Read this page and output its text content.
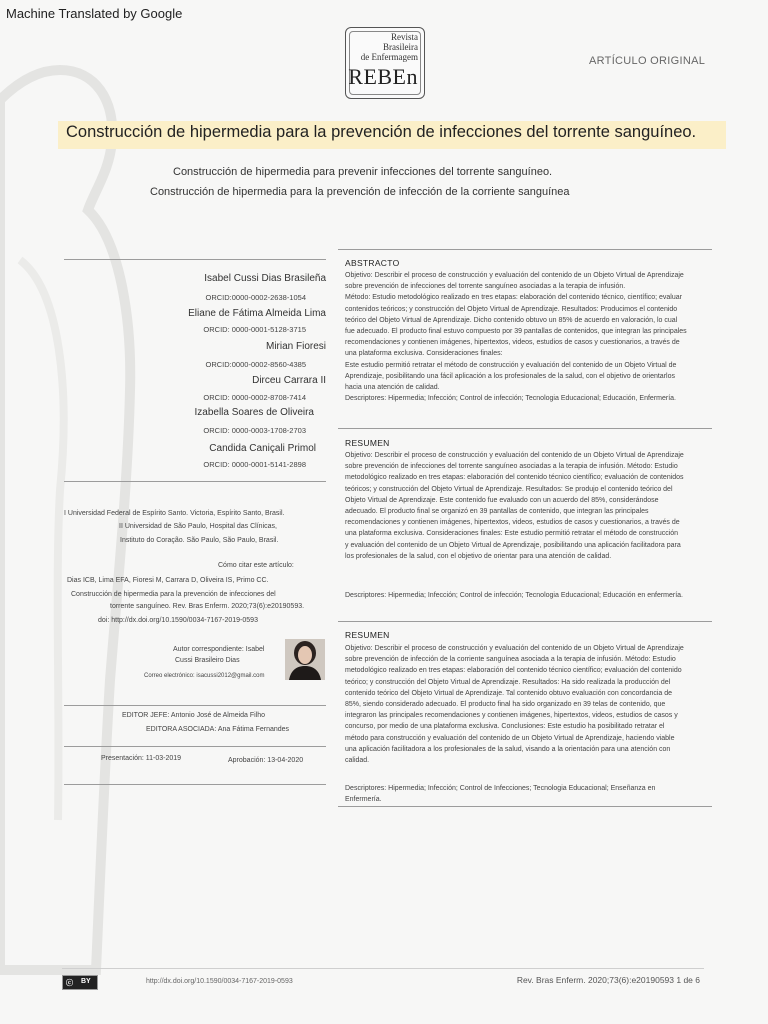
Machine Translated by Google
Revista
Brasileira
de Enfermagem
REBEn
ARTÍCULO ORIGINAL
Construcción de hipermedia para la prevención de infecciones del torrente sanguíneo.
Construcción de hipermedia para prevenir infecciones del torrente sanguíneo.
Construcción de hipermedia para la prevención de infección de la corriente sanguínea
Isabel Cussi Dias Brasileña
ORCID:0000-0002-2638-1054
Eliane de Fátima Almeida Lima
ORCID: 0000-0001-5128-3715
Mirian Fioresi
ORCID:0000-0002-8560-4385
Dirceu Carrara II
ORCID: 0000-0002-8708-7414
Izabella Soares de Oliveira
ORCID: 0000-0003-1708-2703
Candida Caniçali Primol
ORCID: 0000-0001-5141-2898
I Universidad Federal de Espírito Santo. Victoria, Espírito Santo, Brasil.
II Universidad de São Paulo, Hospital das Clínicas,
Instituto do Coração. São Paulo, São Paulo, Brasil.
Cómo citar este artículo:
Dias ICB, Lima EFA, Fioresi M, Carrara D, Oliveira IS, Primo CC.
Construcción de hipermedia para la prevención de infecciones del
torrente sanguíneo. Rev. Bras Enferm. 2020;73(6):e20190593.
doi: http://dx.doi.org/10.1590/0034-7167-2019-0593
Autor correspondiente: Isabel
Cussi Brasileiro Dias
Correo electrónico: isacussi2012@gmail.com
EDITOR JEFE: Antonio José de Almeida Filho
EDITORA ASOCIADA: Ana Fátima Fernandes
Presentación: 11-03-2019	Aprobación: 13-04-2020
ABSTRACTO
Objetivo: Describir el proceso de construcción y evaluación del contenido de un Objeto Virtual de Aprendizaje
sobre prevención de infecciones del torrente sanguíneo asociadas a la terapia de infusión.
Método: Estudio metodológico realizado en tres etapas: elaboración del contenido técnico, científico; evaluar
contenidos teóricos; y construcción del Objeto Virtual de Aprendizaje. Resultados: Producimos el contenido
teórico del Objeto Virtual de Aprendizaje. Dicho contenido obtuvo un 85% de acuerdo en valoración, lo cual
fue adecuado. El producto final estuvo compuesto por 39 pantallas de contenidos, que integran las principales
recomendaciones y contienen imágenes, hipertextos, videos, estudios de casos y cuestionarios, a través de
una plataforma exclusiva. Consideraciones finales:
Este estudio permitió retratar el método de construcción y evaluación del contenido de un Objeto Virtual de
Aprendizaje, posibilitando una fácil aplicación a los profesionales de la salud, con el objetivo de orientarlos
hacia una atención de calidad.
Descriptores: Hipermedia; Infección; Control de infección; Tecnologia Educacional; Educación, Enfermería.
RESUMEN
Objetivo: Describir el proceso de construcción y evaluación del contenido de un Objeto Virtual de Aprendizaje
sobre prevención de infecciones del torrente sanguíneo asociadas a la terapia de infusión. Método: Estudio
metodológico realizado en tres etapas: elaboración del contenido técnico científico; evaluación de contenidos
teóricos; y construcción del Objeto Virtual de Aprendizaje. Resultados: Se produjo el contenido teórico del
Objeto Virtual de Aprendizaje. Este contenido fue evaluado con un acuerdo del 85%, considerándose
adecuado. El producto final se organizó en 39 pantallas de contenido, que integran las principales
recomendaciones y contienen imágenes, hipertextos, videos, estudios de casos y cuestionarios, a través de
una plataforma exclusiva. Consideraciones finales: Este estudio permitió retratar el método de construcción
y evaluación del contenido de un Objeto Virtual de Aprendizaje, posibilitando una aplicación facilitadora para
los profesionales de la salud, con el objetivo de orientar para una atención de calidad.
Descriptores: Hipermedia; Infección; Control de infección; Tecnologia Educacional; Educación en enfermería.
RESUMEN
Objetivo: Describir el proceso de construcción y evaluación del contenido de un Objeto Virtual de Aprendizaje
sobre prevención de infección de la corriente sanguínea asociada a la terapia de infusión. Método: Estudio
metodológico realizado en tres etapas: elaboración del contenido técnico científico; evaluación del contenido
teórico; y construcción del Objeto Virtual de Aprendizaje. Resultados: Ha sido realizada la producción del
contenido teórico del Objeto Virtual de Aprendizaje. Tal contenido obtuvo evaluación con concordancia de
85%, siendo considerado adecuado. El producto final ha sido organizado en 39 telas de contenido, que
integraron las principales recomendaciones y contienen imágenes, hipertextos, videos, estudios de casos y
concurso, por medio de una plataforma exclusiva. Conclusiones: Este estudio ha posibilitado retratar el
método para construcción y evaluación del contenido de un Objeto Virtual de Aprendizaje, haciendo viable
una aplicación facilitadora a los profesionales de la salud, visando a la orientación para una atención con
calidad.
Descriptores: Hipermedia; Infección; Control de Infecciones; Tecnologia Educacional; Enseñanza en
Enfermería.
ⓒ BY	http://dx.doi.org/10.1590/0034-7167-2019-0593	Rev. Bras Enferm. 2020;73(6):e20190593 1 de 6
